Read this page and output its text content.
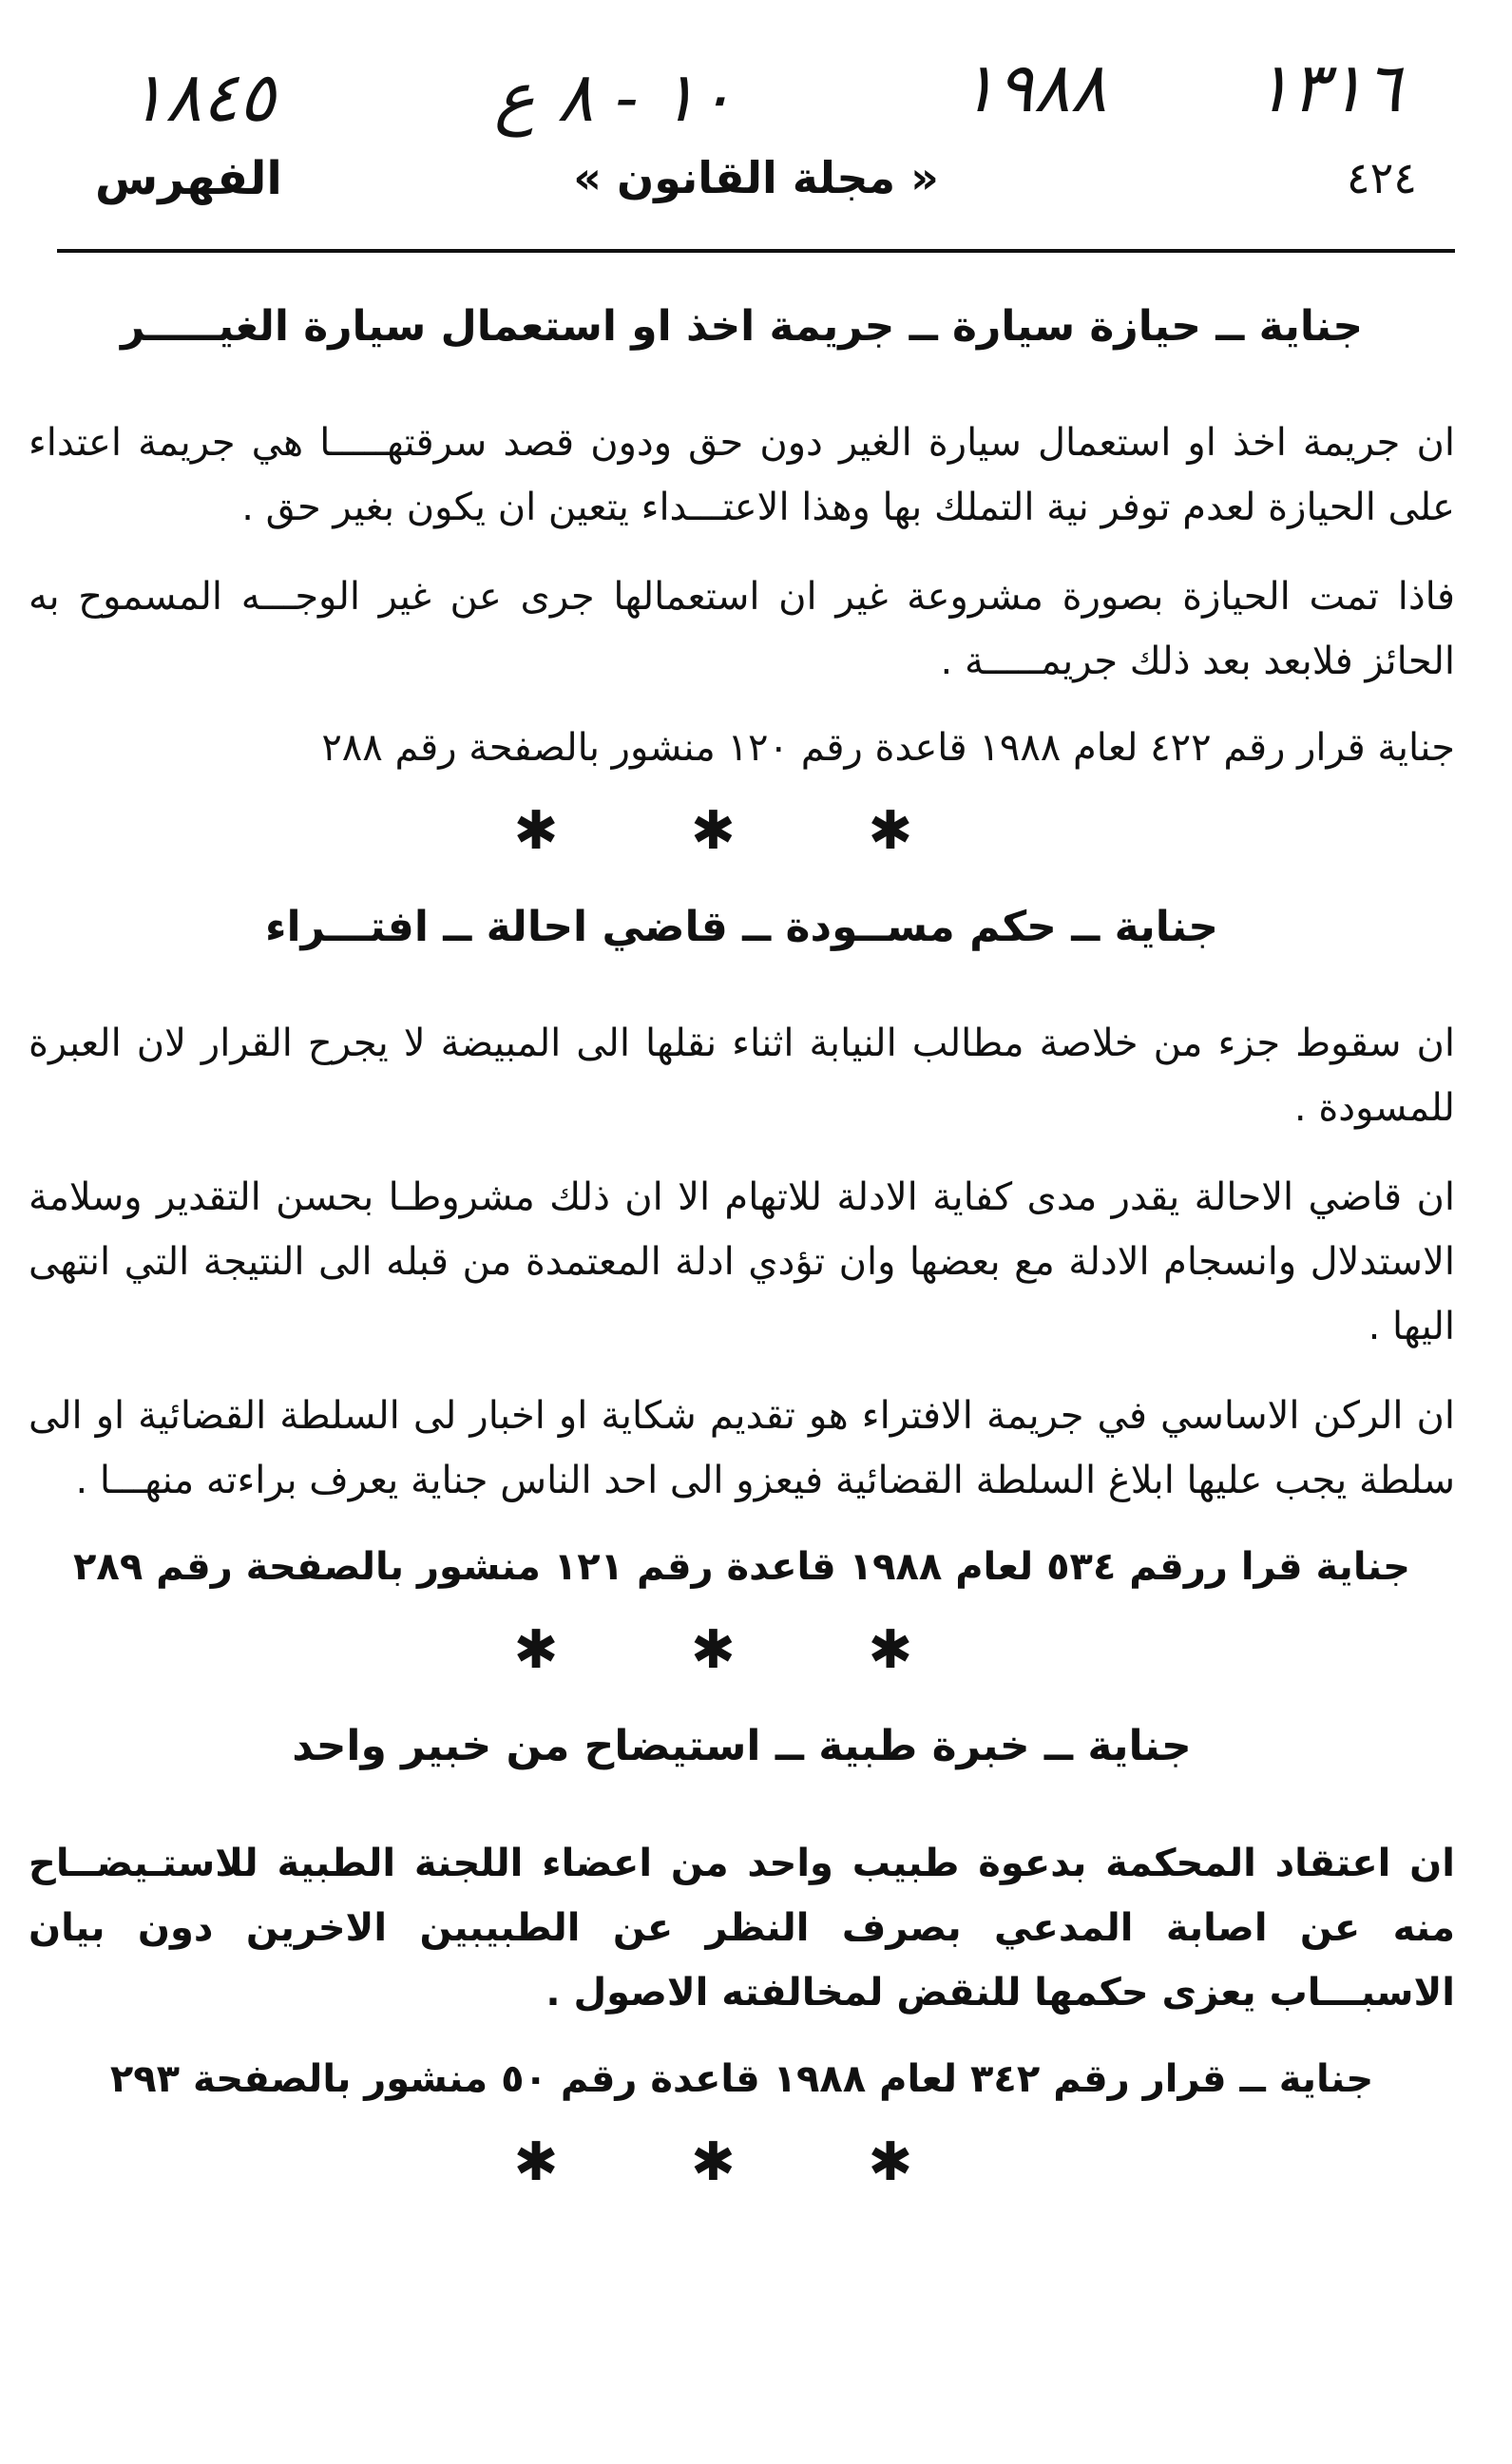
١٨٤٥	١٠ - ٨ ع	١٩٨٨ ١٣١٦
الفهرس	« مجلة القانون »	٤٢٤
جناية ــ حيازة سيارة ــ جريمة اخذ او استعمال سيارة الغيـــــر

ان جريمة اخذ او استعمال سيارة الغير دون حق ودون قصد سرقتهـــــا هي جريمة اعتداء على الحيازة لعدم توفر نية التملك بها وهذا الاعتـــداء يتعين ان يكون بغير حق .

فاذا تمت الحيازة بصورة مشروعة غير ان استعمالها جرى عن غير الوجـــه المسموح به الحائز فلابعد بعد ذلك جريمـــــة .

جناية قرار رقم ٤٢٢ لعام ١٩٨٨ قاعدة رقم ١٢٠ منشور بالصفحة رقم ٢٨٨

✱ ✱ ✱
جناية ــ حكم مســودة ــ قاضي احالة ــ افتـــراء

ان سقوط جزء من خلاصة مطالب النيابة اثناء نقلها الى المبيضة لا يجرح القرار لان العبرة للمسودة .

ان قاضي الاحالة يقدر مدى كفاية الادلة للاتهام الا ان ذلك مشروطـا بحسن التقدير وسلامة الاستدلال وانسجام الادلة مع بعضها وان تؤدي ادلة المعتمدة من قبله الى النتيجة التي انتهى اليها .

ان الركن الاساسي في جريمة الافتراء هو تقديم شكاية او اخبار لى السلطة القضائية او الى سلطة يجب عليها ابلاغ السلطة القضائية فيعزو الى احد الناس جناية يعرف براءته منهـــا .

جناية قرا ررقم ٥٣٤ لعام ١٩٨٨ قاعدة رقم ١٢١ منشور بالصفحة رقم ٢٨٩

✱ ✱ ✱
جناية ــ خبرة طبية ــ استيضاح من خبير واحد

ان اعتقاد المحكمة بدعوة طبيب واحد من اعضاء اللجنة الطبية للاستـيضــاح منه عن اصابة المدعي بصرف النظر عن الطبيبين الاخرين دون بيان الاسبـــاب يعزى حكمها للنقض لمخالفته الاصول .

جناية ــ قرار رقم ٣٤٢ لعام ١٩٨٨ قاعدة رقم ٥٠ منشور بالصفحة ٢٩٣

✱ ✱ ✱
